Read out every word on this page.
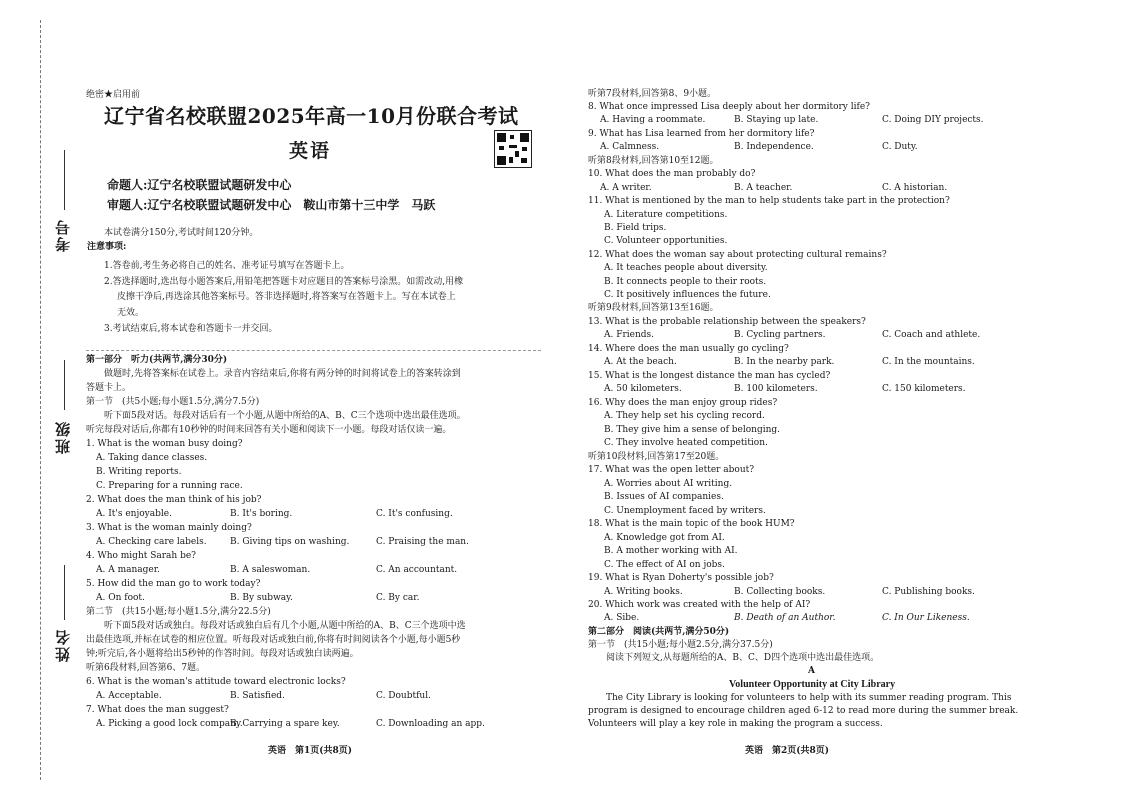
考号
班级
姓名
绝密★启用前
辽宁省名校联盟2025年高一10月份联合考试
英语
命题人:辽宁名校联盟试题研发中心
审题人:辽宁名校联盟试题研发中心　鞍山市第十三中学　马跃
本试卷满分150分,考试时间120分钟。
注意事项:
1.答卷前,考生务必将自己的姓名、准考证号填写在答题卡上。
2.答选择题时,选出每小题答案后,用铅笔把答题卡对应题目的答案标号涂黑。如需改动,用橡
皮擦干净后,再选涂其他答案标号。答非选择题时,将答案写在答题卡上。写在本试卷上
无效。
3.考试结束后,将本试卷和答题卡一并交回。
第一部分　听力(共两节,满分30分)
做题时,先将答案标在试卷上。录音内容结束后,你将有两分钟的时间将试卷上的答案转涂到
答题卡上。
第一节　(共5小题;每小题1.5分,满分7.5分)
听下面5段对话。每段对话后有一个小题,从题中所给的A、B、C三个选项中选出最佳选项。
听完每段对话后,你都有10秒钟的时间来回答有关小题和阅读下一小题。每段对话仅读一遍。
1. What is the woman busy doing?
A. Taking dance classes.
B. Writing reports.
C. Preparing for a running race.
2. What does the man think of his job?
A. It's enjoyable.	B. It's boring.	C. It's confusing.
3. What is the woman mainly doing?
A. Checking care labels.	B. Giving tips on washing.	C. Praising the man.
4. Who might Sarah be?
A. A manager.	B. A saleswoman.	C. An accountant.
5. How did the man go to work today?
A. On foot.	B. By subway.	C. By car.
第二节　(共15小题;每小题1.5分,满分22.5分)
听下面5段对话或独白。每段对话或独白后有几个小题,从题中所给的A、B、C三个选项中选
出最佳选项,并标在试卷的相应位置。听每段对话或独白前,你将有时间阅读各个小题,每小题5秒
钟;听完后,各小题将给出5秒钟的作答时间。每段对话或独白读两遍。
听第6段材料,回答第6、7题。
6. What is the woman's attitude toward electronic locks?
A. Acceptable.	B. Satisfied.	C. Doubtful.
7. What does the man suggest?
A. Picking a good lock company.
B. Carrying a spare key.	C. Downloading an app.
英语　第1页(共8页)
听第7段材料,回答第8、9小题。
8. What once impressed Lisa deeply about her dormitory life?
A. Having a roommate.	B. Staying up late.	C. Doing DIY projects.
9. What has Lisa learned from her dormitory life?
A. Calmness.	B. Independence.	C. Duty.
听第8段材料,回答第10至12题。
10. What does the man probably do?
A. A writer.	B. A teacher.	C. A historian.
11. What is mentioned by the man to help students take part in the protection?
A. Literature competitions.
B. Field trips.
C. Volunteer opportunities.
12. What does the woman say about protecting cultural remains?
A. It teaches people about diversity.
B. It connects people to their roots.
C. It positively influences the future.
听第9段材料,回答第13至16题。
13. What is the probable relationship between the speakers?
A. Friends.	B. Cycling partners.	C. Coach and athlete.
14. Where does the man usually go cycling?
A. At the beach.	B. In the nearby park.	C. In the mountains.
15. What is the longest distance the man has cycled?
A. 50 kilometers.	B. 100 kilometers.	C. 150 kilometers.
16. Why does the man enjoy group rides?
A. They help set his cycling record.
B. They give him a sense of belonging.
C. They involve heated competition.
听第10段材料,回答第17至20题。
17. What was the open letter about?
A. Worries about AI writing.
B. Issues of AI companies.
C. Unemployment faced by writers.
18. What is the main topic of the book HUM?
A. Knowledge got from AI.
B. A mother working with AI.
C. The effect of AI on jobs.
19. What is Ryan Doherty's possible job?
A. Writing books.	B. Collecting books.	C. Publishing books.
20. Which work was created with the help of AI?
A. Sibe.	B. Death of an Author.	C. In Our Likeness.
第二部分　阅读(共两节,满分50分)
第一节　(共15小题;每小题2.5分,满分37.5分)
阅读下列短文,从每题所给的A、B、C、D四个选项中选出最佳选项。
A
Volunteer Opportunity at City Library
The City Library is looking for volunteers to help with its summer reading program. This
program is designed to encourage children aged 6-12 to read more during the summer break.
Volunteers will play a key role in making the program a success.
英语　第2页(共8页)
